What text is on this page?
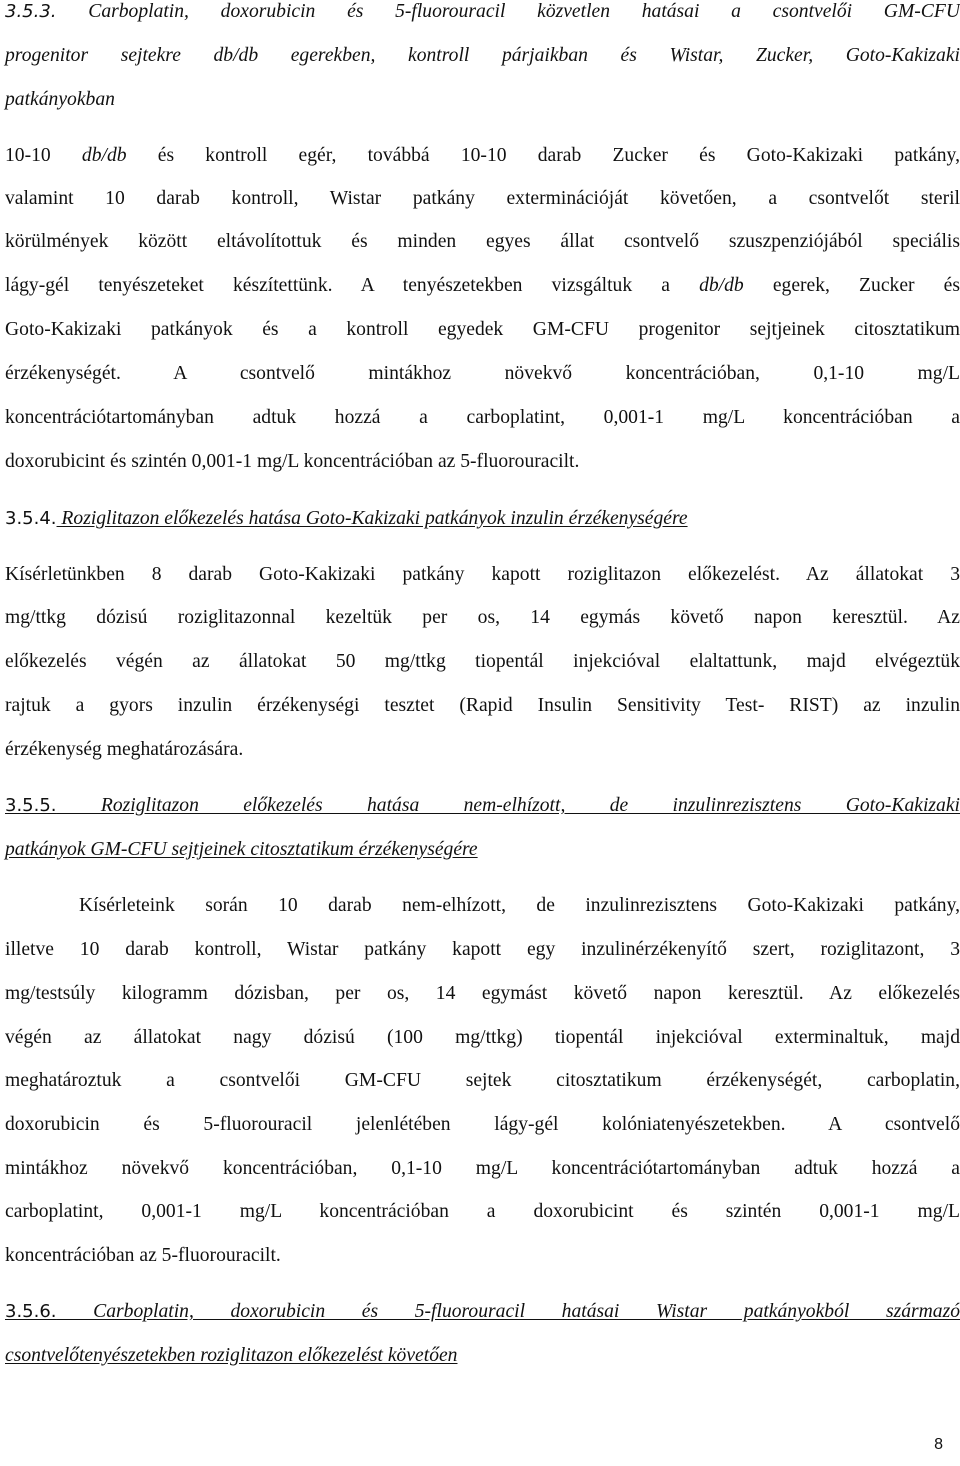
3.5.3. Carboplatin, doxorubicin és 5-fluorouracil közvetlen hatásai a csontvelői GM-CFU

progenitor sejtekre db/db egerekben, kontroll párjaikban és Wistar, Zucker, Goto-Kakizaki

patkányokban

10-10 db/db és kontroll egér, továbbá 10-10 darab Zucker és Goto-Kakizaki patkány,

valamint 10 darab kontroll, Wistar patkány exterminációját követően, a csontvelőt steril

körülmények között eltávolítottuk és minden egyes állat csontvelő szuszpenziójából speciális

lágy-gél tenyészeteket készítettünk. A tenyészetekben vizsgáltuk a db/db egerek, Zucker és

Goto-Kakizaki patkányok és a kontroll egyedek GM-CFU progenitor sejtjeinek citosztatikum

érzékenységét. A csontvelő mintákhoz növekvő koncentrációban, 0,1-10 mg/L

koncentrációtartományban adtuk hozzá a carboplatint, 0,001-1 mg/L koncentrációban a

doxorubicint és szintén 0,001-1 mg/L koncentrációban az 5-fluorouracilt.

3.5.4. Roziglitazon előkezelés hatása Goto-Kakizaki patkányok inzulin érzékenységére

Kísérletünkben 8 darab Goto-Kakizaki patkány kapott roziglitazon előkezelést. Az állatokat 3

mg/ttkg dózisú roziglitazonnal kezeltük per os, 14 egymás követő napon keresztül. Az

előkezelés végén az állatokat 50 mg/ttkg tiopentál injekcióval elaltattunk, majd elvégeztük

rajtuk a gyors inzulin érzékenységi tesztet (Rapid Insulin Sensitivity Test- RIST) az inzulin

érzékenység meghatározására.

3.5.5. Roziglitazon előkezelés hatása nem-elhízott, de inzulinrezisztens Goto-Kakizaki

patkányok GM-CFU sejtjeinek citosztatikum érzékenységére

Kísérleteink során 10 darab nem-elhízott, de inzulinrezisztens Goto-Kakizaki patkány,

illetve 10 darab kontroll, Wistar patkány kapott egy inzulinérzékenyítő szert, roziglitazont, 3

mg/testsúly kilogramm dózisban, per os, 14 egymást követő napon keresztül. Az előkezelés

végén az állatokat nagy dózisú (100 mg/ttkg) tiopentál injekcióval exterminaltuk, majd

meghatároztuk a csontvelői GM-CFU sejtek citosztatikum érzékenységét, carboplatin,

doxorubicin és 5-fluorouracil jelenlétében lágy-gél kolóniatenyészetekben. A csontvelő

mintákhoz növekvő koncentrációban, 0,1-10 mg/L koncentrációtartományban adtuk hozzá a

carboplatint, 0,001-1 mg/L koncentrációban a doxorubicint és szintén 0,001-1 mg/L

koncentrációban az 5-fluorouracilt.

3.5.6. Carboplatin, doxorubicin és 5-fluorouracil hatásai Wistar patkányokból származó

csontvelőtenyészetekben roziglitazon előkezelést követően

8
